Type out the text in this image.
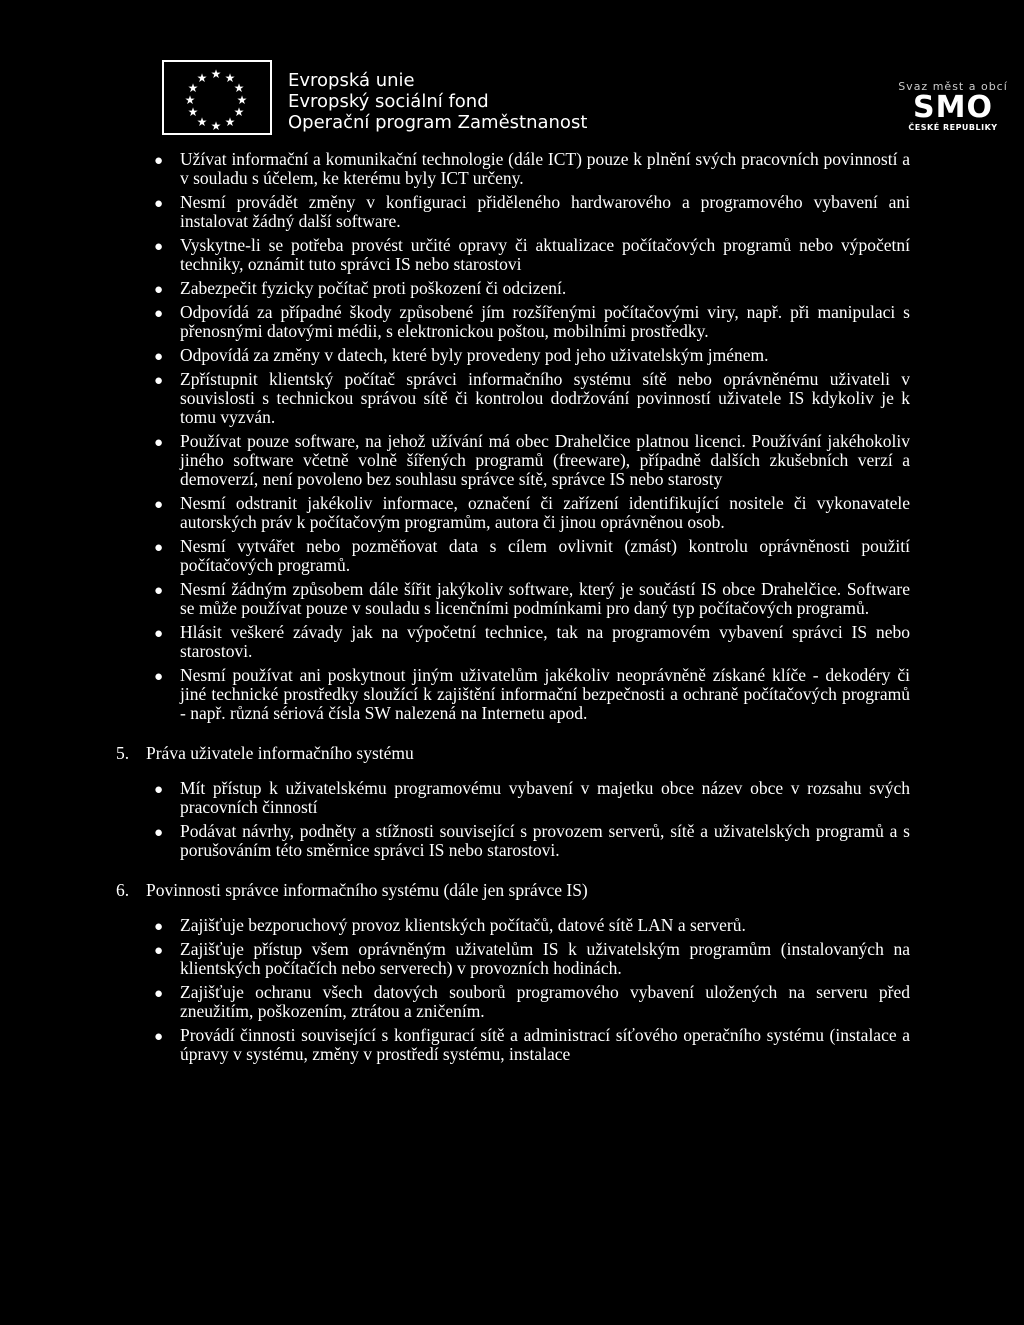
★ ★
★
★
★
★
★
★
★
★
★
★	Evropská unie
Evropský sociální fond
Operační program Zaměstnanost
Svaz měst a obcí
SMO
ČESKÉ REPUBLIKY
● Užívat informační a komunikační technologie (dále ICT) pouze k plnění svých pracovních povinností a v souladu s účelem, ke kterému byly ICT určeny.
● Nesmí provádět změny v konfiguraci přiděleného hardwarového a programového vybavení ani instalovat žádný další software.
● Vyskytne-li se potřeba provést určité opravy či aktualizace počítačových programů nebo výpočetní techniky, oznámit tuto správci IS nebo starostovi
● Zabezpečit fyzicky počítač proti poškození či odcizení.
● Odpovídá za případné škody způsobené jím rozšířenými počítačovými viry, např. při manipulaci s přenosnými datovými médii, s elektronickou poštou, mobilními prostředky.
● Odpovídá za změny v datech, které byly provedeny pod jeho uživatelským jménem.
● Zpřístupnit klientský počítač správci informačního systému sítě nebo oprávněnému uživateli v souvislosti s technickou správou sítě či kontrolou dodržování povinností uživatele IS kdykoliv je k tomu vyzván.
● Používat pouze software, na jehož užívání má obec Drahelčice platnou licenci. Používání jakéhokoliv jiného software včetně volně šířených programů (freeware), případně dalších zkušebních verzí a demoverzí, není povoleno bez souhlasu správce sítě, správce IS nebo starosty
● Nesmí odstranit jakékoliv informace, označení či zařízení identifikující nositele či vykonavatele autorských práv k počítačovým programům, autora či jinou oprávněnou osob.
● Nesmí vytvářet nebo pozměňovat data s cílem ovlivnit (zmást) kontrolu oprávněnosti použití počítačových programů.
● Nesmí žádným způsobem dále šířit jakýkoliv software, který je součástí IS obce Drahelčice. Software se může používat pouze v souladu s licenčními podmínkami pro daný typ počítačových programů.
● Hlásit veškeré závady jak na výpočetní technice, tak na programovém vybavení správci IS nebo starostovi.
● Nesmí používat ani poskytnout jiným uživatelům jakékoliv neoprávněně získané klíče - dekodéry či jiné technické prostředky sloužící k zajištění informační bezpečnosti a ochraně počítačových programů - např. různá sériová čísla SW nalezená na Internetu apod.
5. Práva uživatele informačního systému
● Mít přístup k uživatelskému programovému vybavení v majetku obce název obce v rozsahu svých pracovních činností
● Podávat návrhy, podněty a stížnosti související s provozem serverů, sítě a uživatelských programů a s porušováním této směrnice správci IS nebo starostovi.
6. Povinnosti správce informačního systému (dále jen správce IS)
● Zajišťuje bezporuchový provoz klientských počítačů, datové sítě LAN a serverů.
● Zajišťuje přístup všem oprávněným uživatelům IS k uživatelským programům (instalovaných na klientských počítačích nebo serverech) v provozních hodinách.
● Zajišťuje ochranu všech datových souborů programového vybavení uložených na serveru před zneužitím, poškozením, ztrátou a zničením.
● Provádí činnosti související s konfigurací sítě a administrací síťového operačního systému (instalace a úpravy v systému, změny v prostředí systému, instalace
